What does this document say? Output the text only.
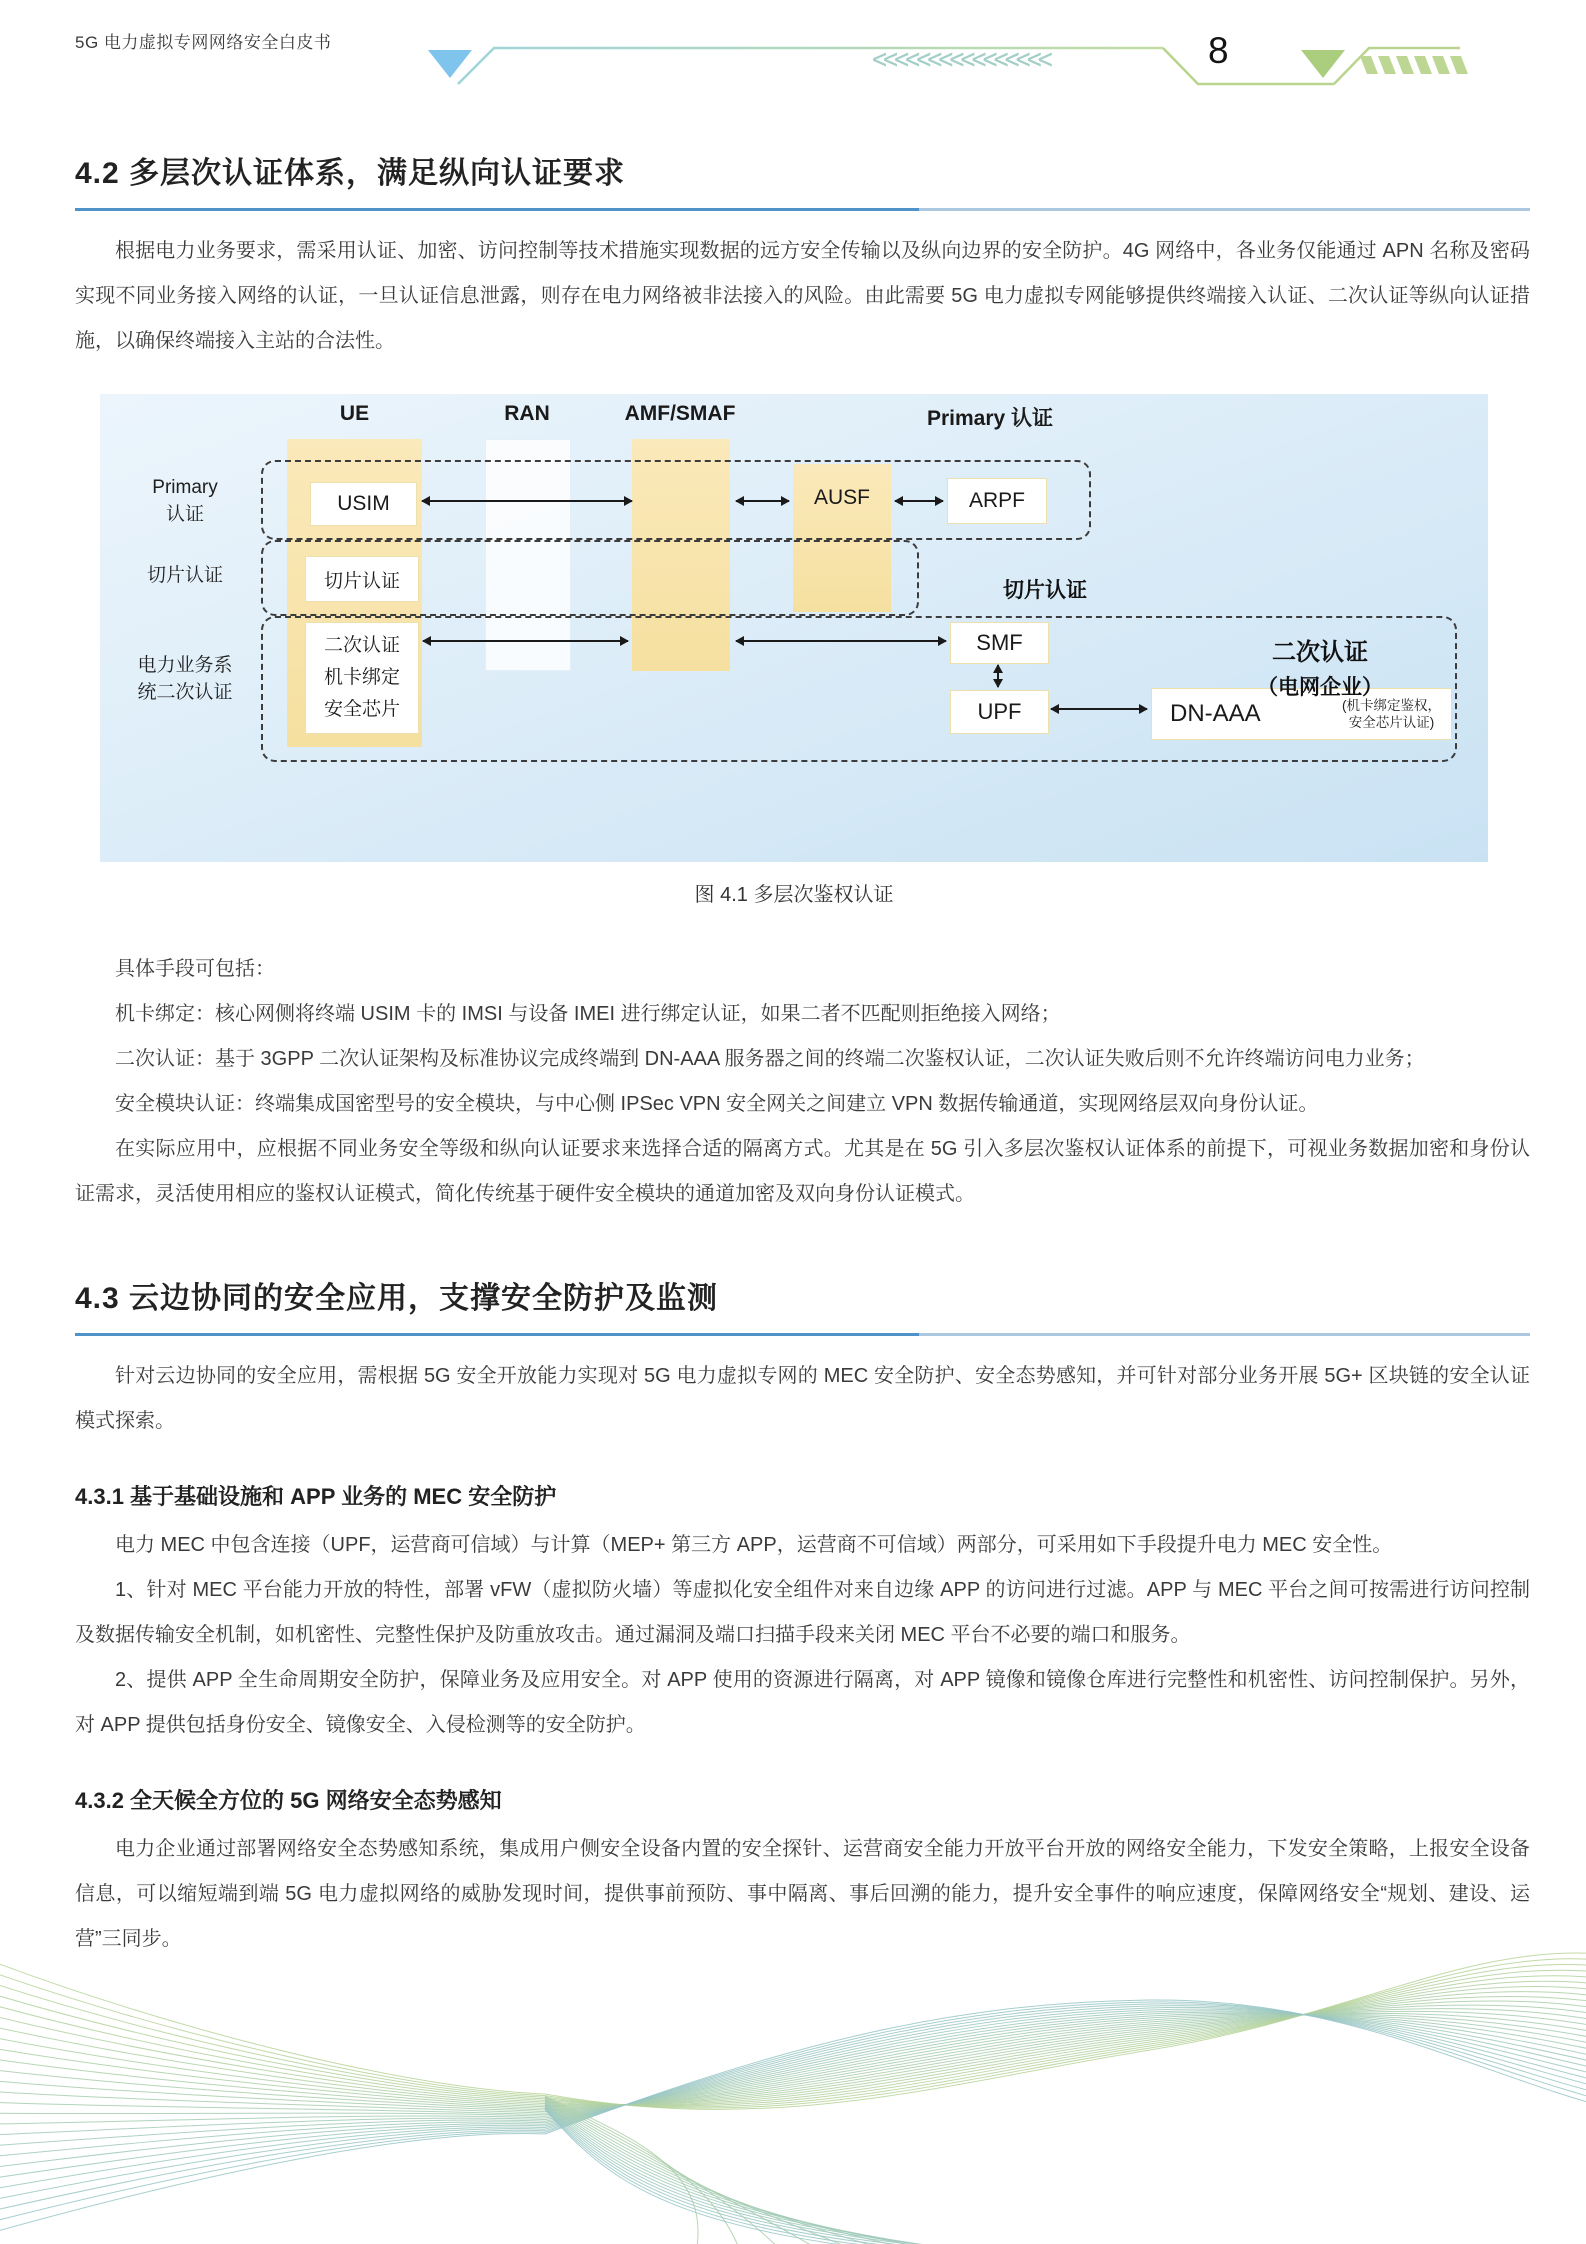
5G 电力虚拟专网网络安全白皮书	<<<<<<<<<<<<<<<<	8
4.2 多层次认证体系，满足纵向认证要求

根据电力业务要求，需采用认证、加密、访问控制等技术措施实现数据的远方安全传输以及纵向边界的安全防护。4G 网络中，各业务仅能通过 APN 名称及密码实现不同业务接入网络的认证，一旦认证信息泄露，则存在电力网络被非法接入的风险。由此需要 5G 电力虚拟专网能够提供终端接入认证、二次认证等纵向认证措施，以确保终端接入主站的合法性。

UE	RAN	AMF/SMAF	Primary 认证
Primary
认证
切片认证
电力业务系
统二次认证
USIM
切片认证
二次认证
机卡绑定
安全芯片
AUSF	ARPF
SMF
UPF	DN-AAA	(机卡绑定鉴权，
安全芯片认证)
切片认证
二次认证
（电网企业）
图 4.1 多层次鉴权认证

具体手段可包括：

机卡绑定：核心网侧将终端 USIM 卡的 IMSI 与设备 IMEI 进行绑定认证，如果二者不匹配则拒绝接入网络；

二次认证：基于 3GPP 二次认证架构及标准协议完成终端到 DN-AAA 服务器之间的终端二次鉴权认证，二次认证失败后则不允许终端访问电力业务；

安全模块认证：终端集成国密型号的安全模块，与中心侧 IPSec VPN 安全网关之间建立 VPN 数据传输通道，实现网络层双向身份认证。

在实际应用中，应根据不同业务安全等级和纵向认证要求来选择合适的隔离方式。尤其是在 5G 引入多层次鉴权认证体系的前提下，可视业务数据加密和身份认证需求，灵活使用相应的鉴权认证模式，简化传统基于硬件安全模块的通道加密及双向身份认证模式。

4.3 云边协同的安全应用，支撑安全防护及监测

针对云边协同的安全应用，需根据 5G 安全开放能力实现对 5G 电力虚拟专网的 MEC 安全防护、安全态势感知，并可针对部分业务开展 5G+ 区块链的安全认证模式探索。

4.3.1 基于基础设施和 APP 业务的 MEC 安全防护

电力 MEC 中包含连接（UPF，运营商可信域）与计算（MEP+ 第三方 APP，运营商不可信域）两部分，可采用如下手段提升电力 MEC 安全性。

1、针对 MEC 平台能力开放的特性，部署 vFW（虚拟防火墙）等虚拟化安全组件对来自边缘 APP 的访问进行过滤。APP 与 MEC 平台之间可按需进行访问控制及数据传输安全机制，如机密性、完整性保护及防重放攻击。通过漏洞及端口扫描手段来关闭 MEC 平台不必要的端口和服务。

2、提供 APP 全生命周期安全防护，保障业务及应用安全。对 APP 使用的资源进行隔离，对 APP 镜像和镜像仓库进行完整性和机密性、访问控制保护。另外，对 APP 提供包括身份安全、镜像安全、入侵检测等的安全防护。

4.3.2 全天候全方位的 5G 网络安全态势感知

电力企业通过部署网络安全态势感知系统，集成用户侧安全设备内置的安全探针、运营商安全能力开放平台开放的网络安全能力，下发安全策略，上报安全设备信息，可以缩短端到端 5G 电力虚拟网络的威胁发现时间，提供事前预防、事中隔离、事后回溯的能力，提升安全事件的响应速度，保障网络安全“规划、建设、运营”三同步。
